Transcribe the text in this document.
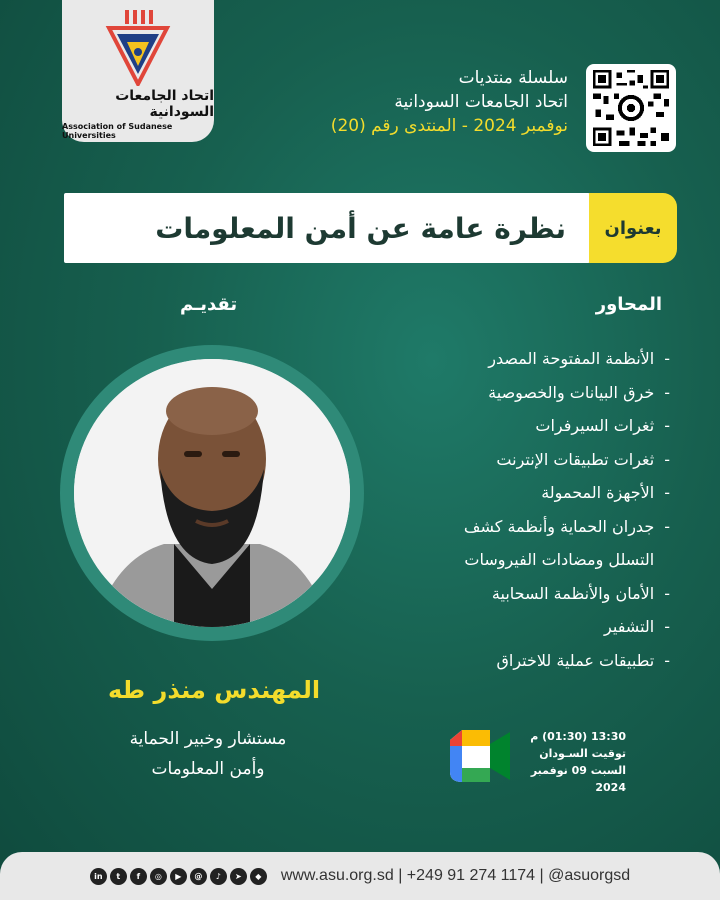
اتحاد الجامعات السودانية
Association of Sudanese Universities
سلسلة منتديات
اتحاد الجامعات السودانية
نوفمبر 2024 - المنتدى رقم (20)
نظرة عامة عن أمن المعلومات بعنوان
المحاور
تقديـم
-الأنظمة المفتوحة المصدر
-خرق البيانات والخصوصية
-ثغرات السيرفرات
-ثغرات تطبيقات الإنترنت
-الأجهزة المحمولة
-جدران الحماية وأنظمة كشف
التسلل ومضادات الفيروسات
-الأمان والأنظمة السحابية
-التشفير
-تطبيقات عملية للاختراق
المهندس منذر طه
مستشار وخبير الحماية
وأمن المعلومات
13:30 (01:30) م
توقيت السـودان
السبت 09 نوفمبر 2024
in	t	f	◎	▶	@	♪	➤	◆	www.asu.org.sd | +249 91 274 1174 | @asuorgsd
